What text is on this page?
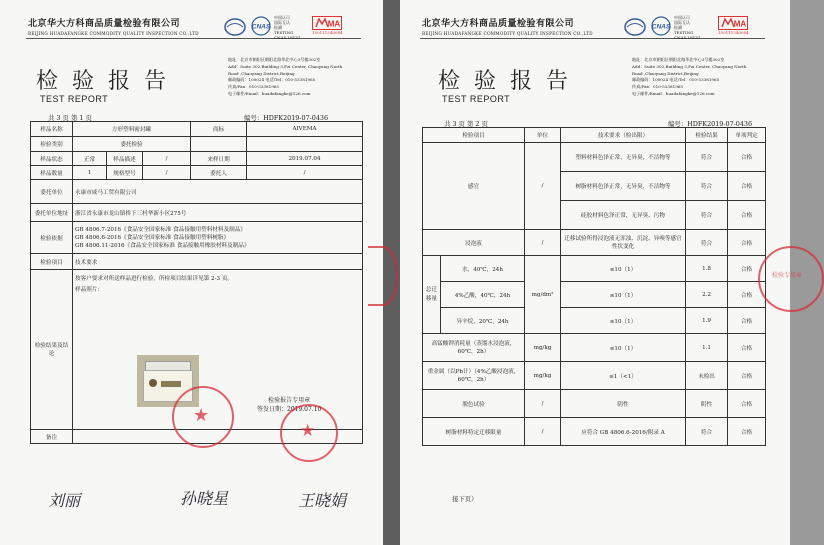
北京华大方科商品质量检验有限公司
BEIJING HUADAFANGKE COMMODITY QUALITY INSPECTION CO.,LTD
CNAS
中国认可
国际互认
检测
TESTING
CNAS L8137
MA
150111340084
地址：北京市朝阳区朝阳北路华北中心3号楼302室
Add：Suite 302,Building 3,Fzi Center, Chaoyang North
Road ,Chaoyang District,Beijing
邮政编码：100024 电话/Tel：010-53381965
传真/Fax：010-53381965
电子邮件/Email：huadafangke@126.com
检验报告
TEST REPORT
共 3 页 第 1 页	编号：HDFK2019-07-0436
样品名称	方形塑料密封罐			商标	AIVEMA
检验类别	委托检验				
样品状态	正常	样品描述	/	来样日期	2019.07.04
样品数量	1	规格型号	/	委托人	/
委托单位	永康市咸马工贸有限公司				
委托单位地址	浙江省永康市龙山镇桥下三村华新小区275号				
检验依据	GB 4806.7-2016《食品安全国家标准 食品接触用塑料材料及制品》
GB 4806.6-2016《食品安全国家标准 食品接触用塑料树脂》
GB 4806.11-2016《食品安全国家标准 食品接触用橡胶材料及制品》				

检验项目	技术要求				
检验结果及结论	按客户要求对所送样品进行检验，所检项目结果详见第 2-3 页。
样品照片：
检验报告专用章
签发日期：2019.07.10				

备注					
★
★
刘丽	孙晓星	王晓娟
北京华大方科商品质量检验有限公司
BEIJING HUADAFANGKE COMMODITY QUALITY INSPECTION CO.,LTD
CNAS
中国认可
国际互认
检测
TESTING
CNAS L8137
MA
150111340084
地址：北京市朝阳区朝阳北路华北中心3号楼302室
Add：Suite 302,Building 3,Fzi Center, Chaoyang North
Road ,Chaoyang District,Beijing
邮政编码：100024 电话/Tel：010-53381965
传真/Fax：010-53381965
电子邮件/Email：huadafangke@126.com
检验报告
TEST REPORT
共 3 页 第 2 页	编号：HDFK2019-07-0436
检验项目		单位	技术要求（检出限）	检验结果	单项判定
感官		/	塑料材料色泽正常，无异臭，不洁物等	符合	合格
			树脂材料色泽正常，无异臭，不洁物等	符合	合格
			硅胶材料色泽正常，无异臭、污物	符合	合格
浸泡液		/	迁移试验所得浸泡液无浑浊、沉淀、异嗅等感官性状变化	符合	合格
总迁移量	水，40℃，24h	mg/dm²	≤10（1）	1.8	合格
	4%乙酸，40℃，24h		≤10（1）	2.2	合格
	异辛烷，20℃，24h		≤10（1）	1.9	合格
高锰酸钾消耗量（蒸馏水浸泡液，60℃，2h）		mg/kg	≤10（1）	1.1	合格
重金属（以Pb计）（4%乙酸浸泡液，60℃，2h）		mg/kg	≤1（<1）	未检出	合格
脱色试验		/	阴性	阴性	合格
树脂材料特定迁移限量		/	应符合 GB 4806.6-2016/附录 A	符合	合格
接下页）
检验专用章
